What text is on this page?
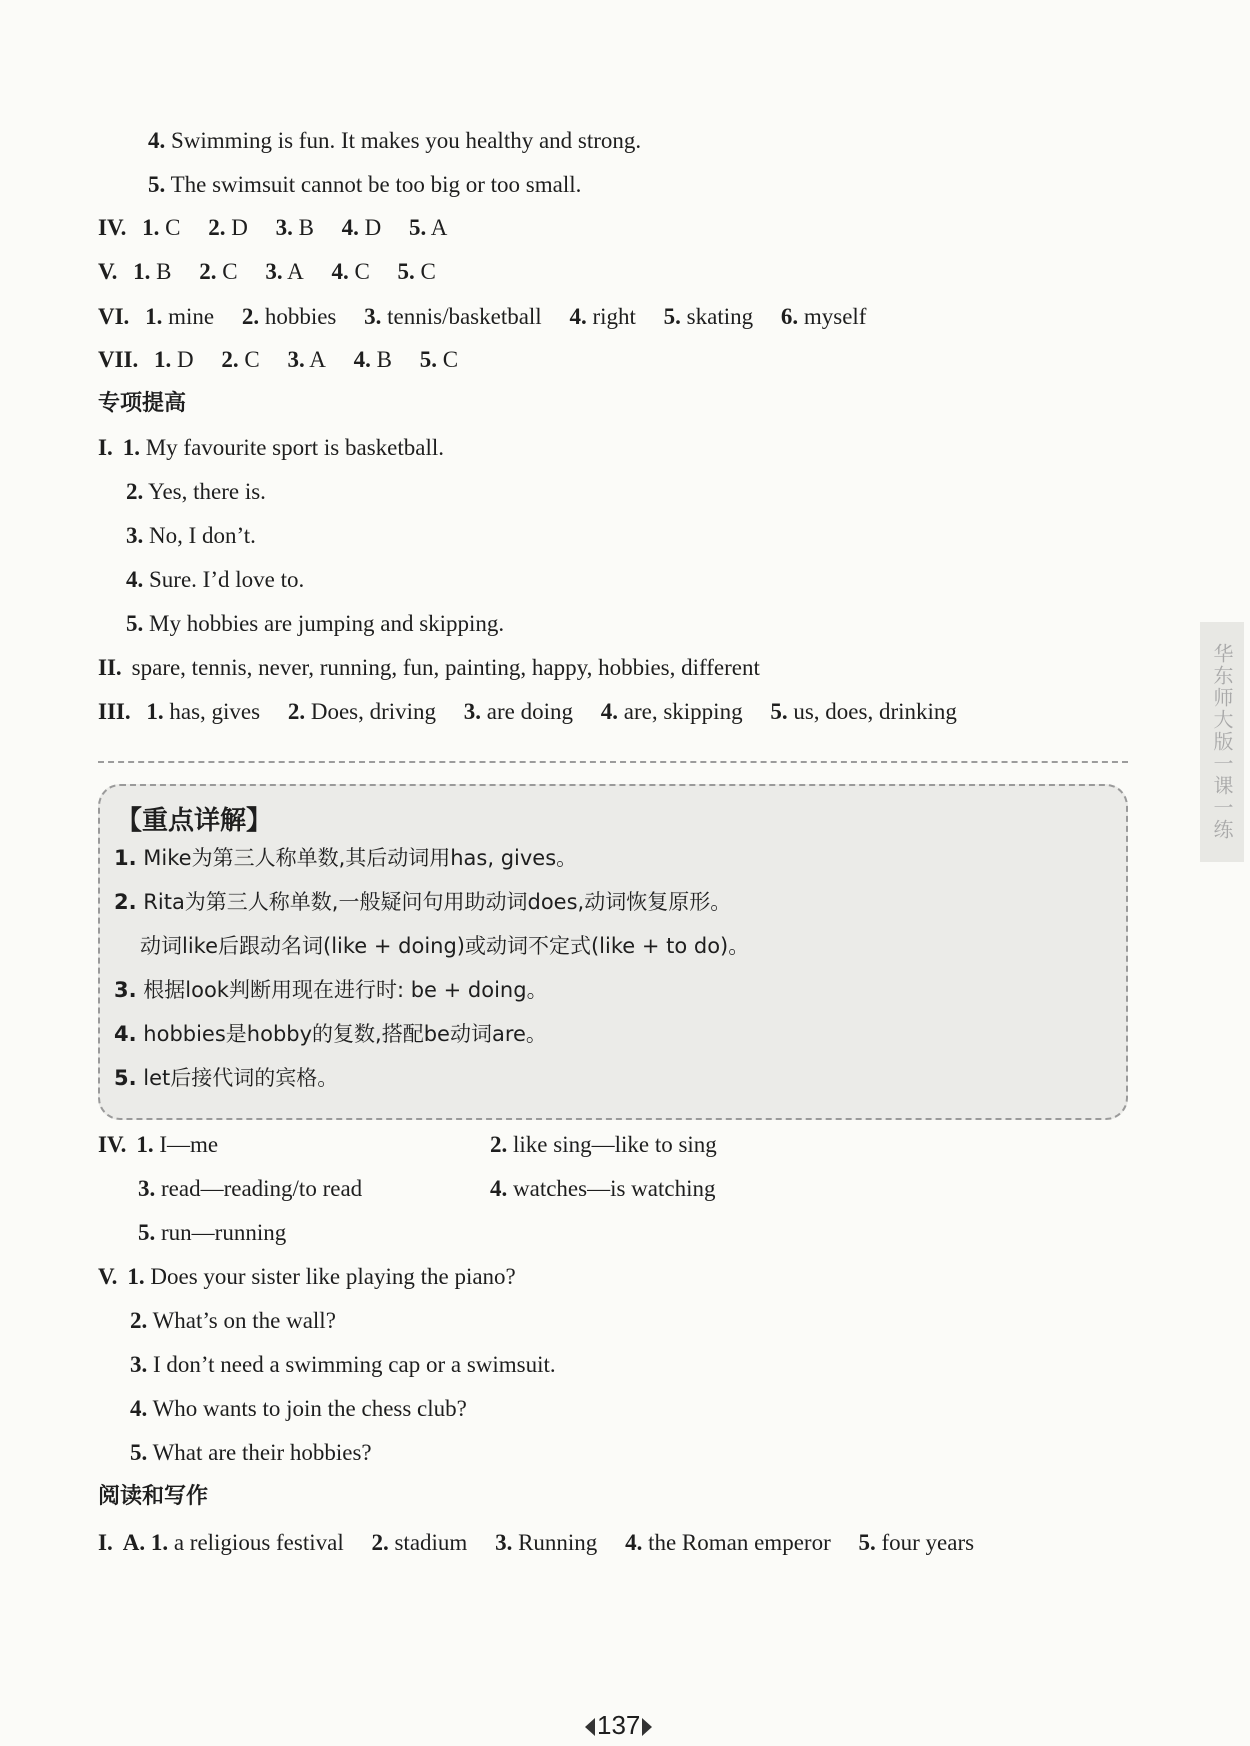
4. Swimming is fun. It makes you healthy and strong.
5. The swimsuit cannot be too big or too small.
IV. 1. C 2. D 3. B 4. D 5. A
V. 1. B 2. C 3. A 4. C 5. C
VI. 1. mine 2. hobbies 3. tennis/basketball 4. right 5. skating 6. myself
VII. 1. D 2. C 3. A 4. B 5. C
专项提高
I. 1. My favourite sport is basketball.
2. Yes, there is.
3. No, I don’t.
4. Sure. I’d love to.
5. My hobbies are jumping and skipping.
II. spare, tennis, never, running, fun, painting, happy, hobbies, different
III. 1. has, gives 2. Does, driving 3. are doing 4. are, skipping 5. us, does, drinking
【重点详解】
1. Mike为第三人称单数,其后动词用has, gives。
2. Rita为第三人称单数,一般疑问句用助动词does,动词恢复原形。
动词like后跟动名词(like + doing)或动词不定式(like + to do)。
3. 根据look判断用现在进行时: be + doing。
4. hobbies是hobby的复数,搭配be动词are。
5. let后接代词的宾格。
IV. 1. I—me	2. like sing—like to sing
3. read—reading/to read	4. watches—is watching
5. run—running
V. 1. Does your sister like playing the piano?
2. What’s on the wall?
3. I don’t need a swimming cap or a swimsuit.
4. Who wants to join the chess club?
5. What are their hobbies?
阅读和写作
I. A. 1. a religious festival 2. stadium 3. Running 4. the Roman emperor 5. four years
华东师大版一课一练
137
